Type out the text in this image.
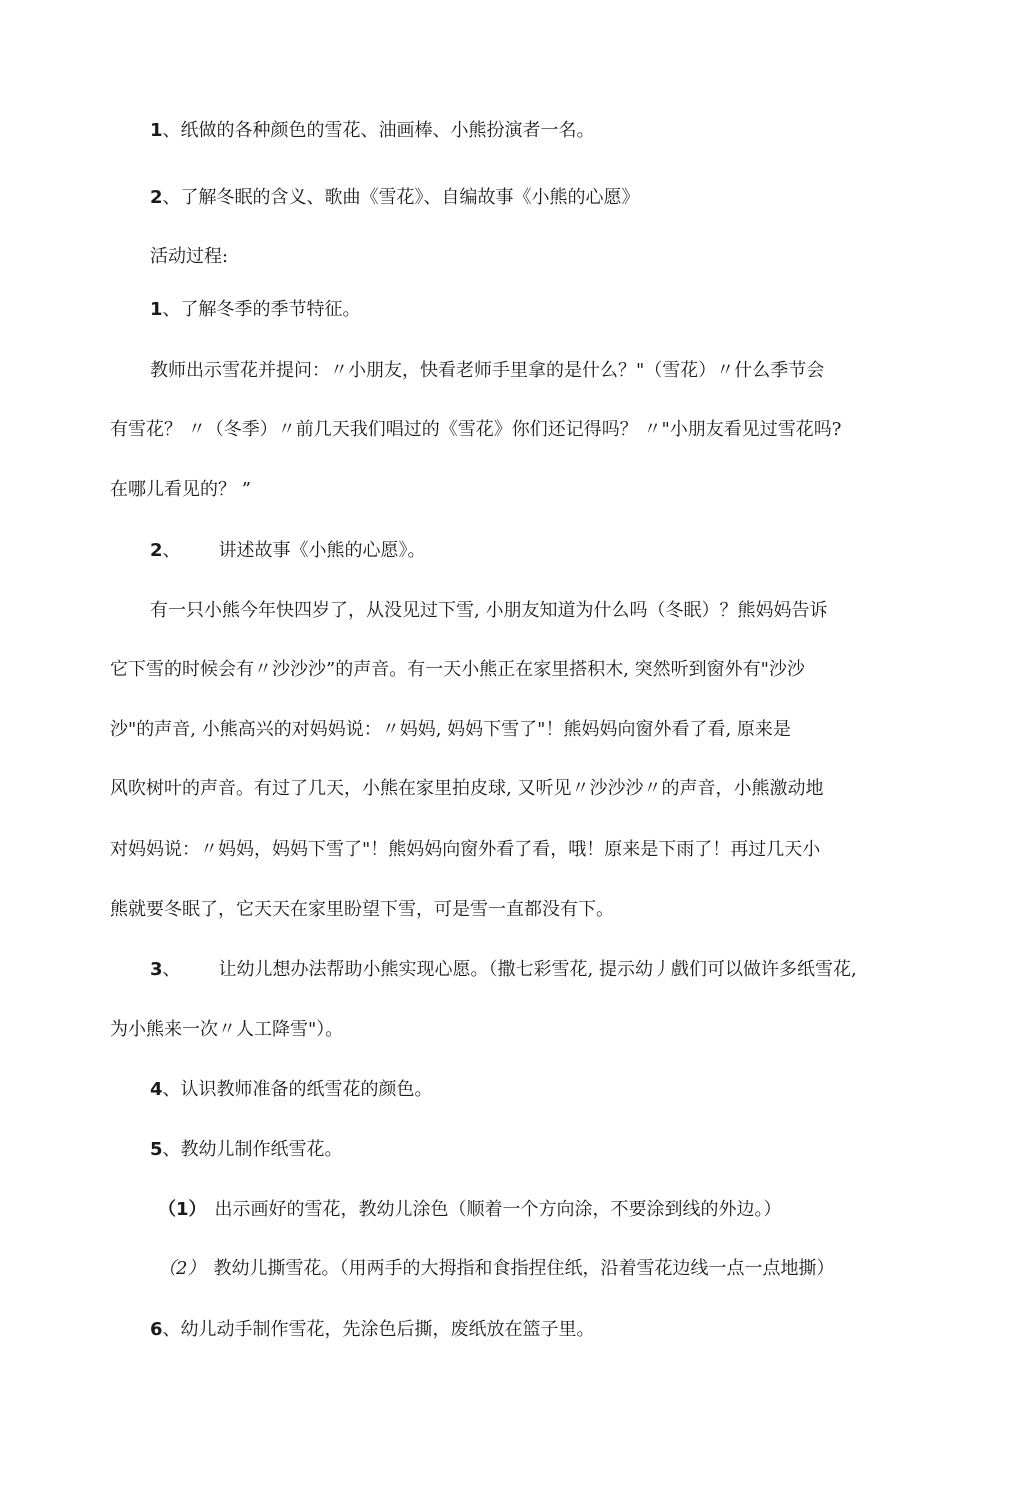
1、纸做的各种颜色的雪花、油画棒、小熊扮演者一名。
2、了解冬眠的含义、歌曲《雪花》、自编故事《小熊的心愿》
活动过程:
1、了解冬季的季节特征。
教师出示雪花并提问：〃小朋友，快看老师手里拿的是什么？"（雪花）〃什么季节会
有雪花？ 〃（冬季）〃前几天我们唱过的《雪花》你们还记得吗？ 〃"小朋友看见过雪花吗?
在哪儿看见的？ ”
2、 讲述故事《小熊的心愿》。
有一只小熊今年快四岁了，从没见过下雪, 小朋友知道为什么吗（冬眠）？熊妈妈告诉
它下雪的时候会有〃沙沙沙”的声音。有一天小熊正在家里搭积木, 突然听到窗外有"沙沙
沙"的声音, 小熊高兴的对妈妈说：〃妈妈, 妈妈下雪了"！熊妈妈向窗外看了看, 原来是
风吹树叶的声音。有过了几天，小熊在家里拍皮球, 又听见〃沙沙沙〃的声音，小熊激动地
对妈妈说：〃妈妈，妈妈下雪了"！熊妈妈向窗外看了看，哦！原来是下雨了！再过几天小
熊就要冬眠了，它天天在家里盼望下雪，可是雪一直都没有下。
3、 让幼儿想办法帮助小熊实现心愿。（撒七彩雪花, 提示幼丿戲们可以做许多纸雪花,
为小熊来一次〃人工降雪"）。
4、认识教师准备的纸雪花的颜色。
5、教幼儿制作纸雪花。
（1） 出示画好的雪花，教幼儿涂色（顺着一个方向涂，不要涂到线的外边。）
（2） 教幼儿撕雪花。（用两手的大拇指和食指捏住纸，沿着雪花边线一点一点地撕）
6、幼儿动手制作雪花，先涂色后撕，废纸放在篮子里。
